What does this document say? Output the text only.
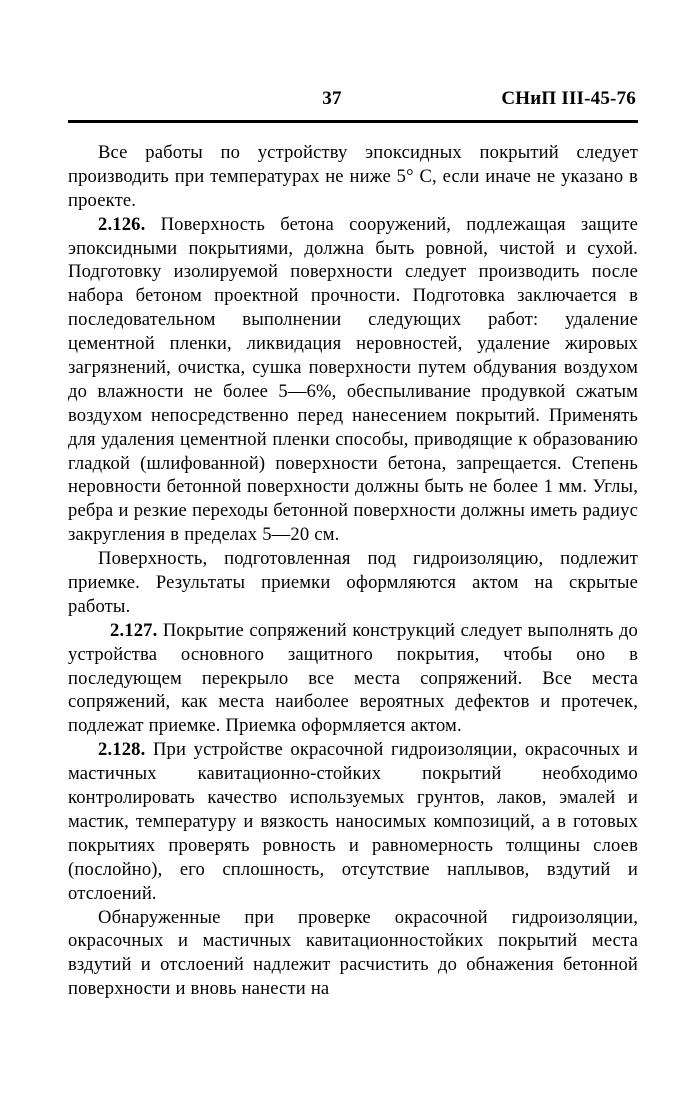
37	СНиП III-45-76

Все работы по устройству эпоксидных покрытий следует производить при температурах не ниже 5° С, если иначе не указано в проекте.

2.126. Поверхность бетона сооружений, подлежащая защите эпоксидными покрытиями, должна быть ровной, чистой и сухой. Подготовку изолируемой поверхности следует производить после набора бетоном проектной прочности. Подготовка заключается в последовательном выполнении следующих работ: удаление цементной пленки, ликвидация неровностей, удаление жировых загрязнений, очистка, сушка поверхности путем обдувания воздухом до влажности не более 5—6%, обеспыливание продувкой сжатым воздухом непосредственно перед нанесением покрытий. Применять для удаления цементной пленки способы, приводящие к образованию гладкой (шлифованной) поверхности бетона, запрещается. Степень неровности бетонной поверхности должны быть не более 1 мм. Углы, ребра и резкие переходы бетонной поверхности должны иметь радиус закругления в пределах 5—20 см.

Поверхность, подготовленная под гидроизоляцию, подлежит приемке. Результаты приемки оформляются актом на скрытые работы.

2.127. Покрытие сопряжений конструкций следует выполнять до устройства основного защитного покрытия, чтобы оно в последующем перекрыло все места сопряжений. Все места сопряжений, как места наиболее вероятных дефектов и протечек, подлежат приемке. Приемка оформляется актом.

2.128. При устройстве окрасочной гидроизоляции, окрасочных и мастичных кавитационно-стойких покрытий необходимо контролировать качество используемых грунтов, лаков, эмалей и мастик, температуру и вязкость наносимых композиций, а в готовых покрытиях проверять ровность и равномерность толщины слоев (послойно), его сплошность, отсутствие наплывов, вздутий и отслоений.

Обнаруженные при проверке окрасочной гидроизоляции, окрасочных и мастичных кавитационностойких покрытий места вздутий и отслоений надлежит расчистить до обнажения бетонной поверхности и вновь нанести на
